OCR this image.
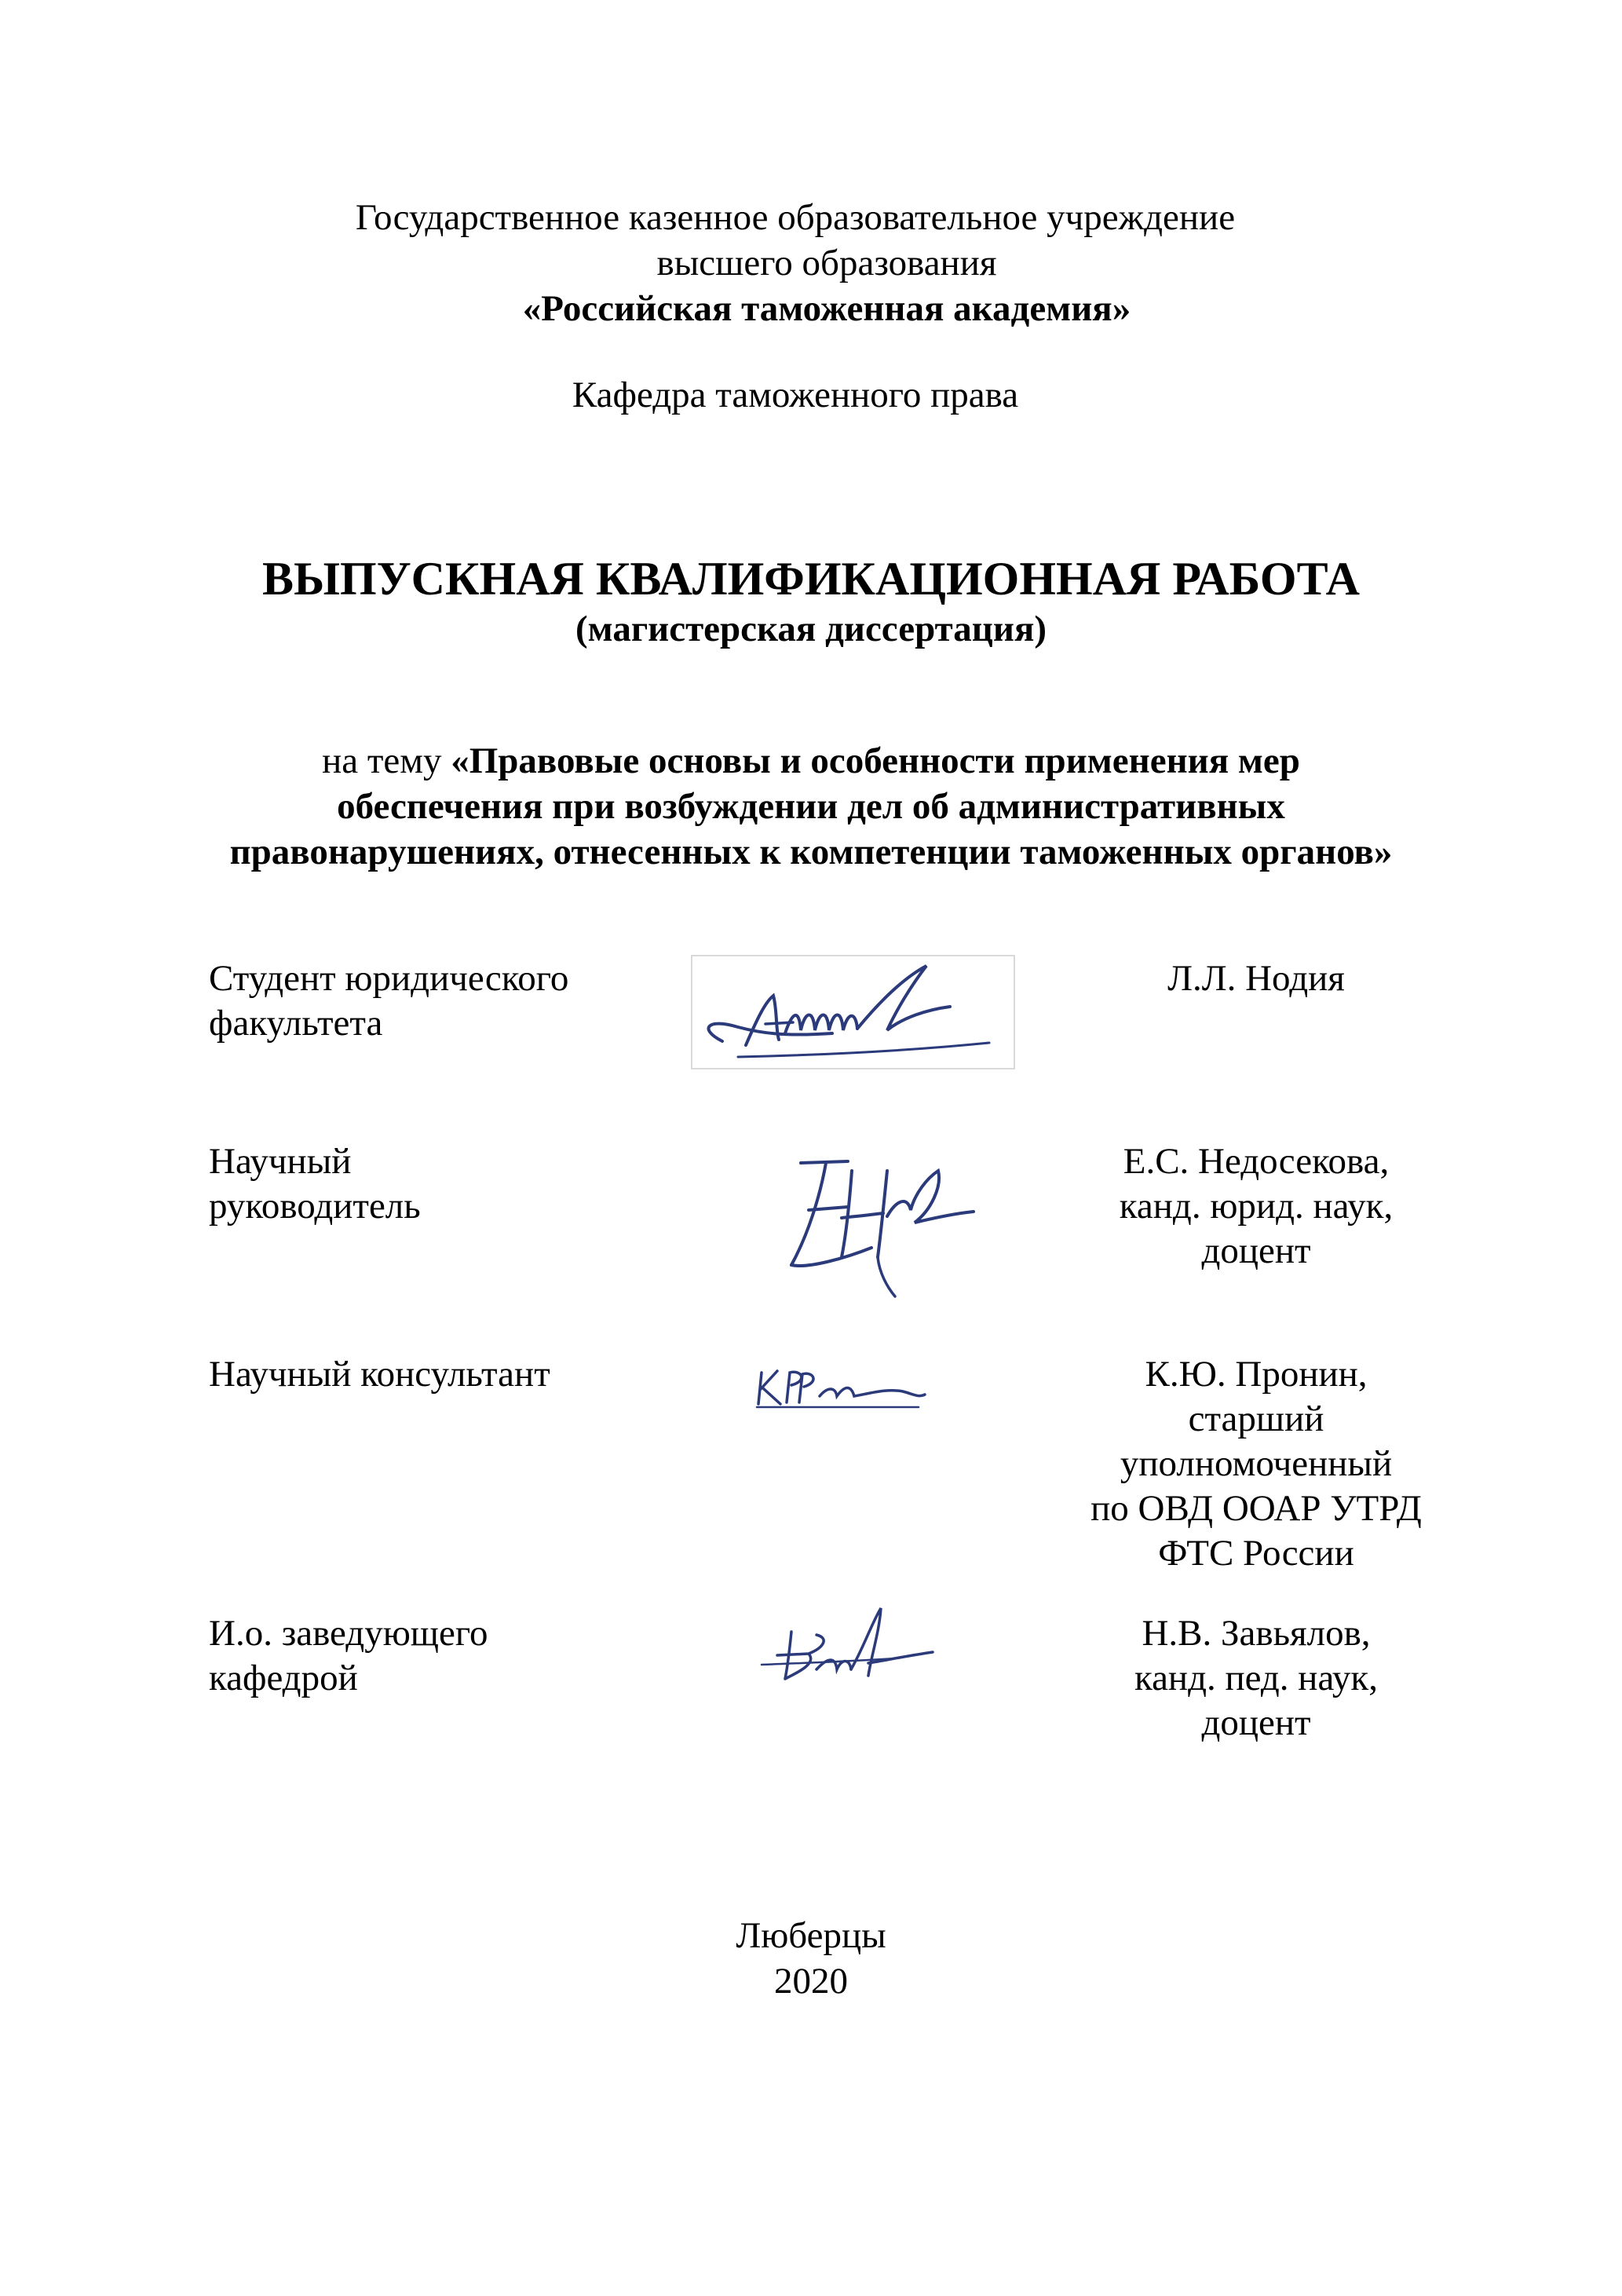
Государственное казенное образовательное учреждение
высшего образования
«Российская таможенная академия»
Кафедра таможенного права
ВЫПУСКНАЯ КВАЛИФИКАЦИОННАЯ РАБОТА
(магистерская диссертация)
на тему «Правовые основы и особенности применения мер
обеспечения при возбуждении дел об административных
правонарушениях, отнесенных к компетенции таможенных органов»
Студент юридического
факультета
Л.Л. Нодия
Научный
руководитель
Е.С. Недосекова,
канд. юрид. наук,
доцент
Научный консультант	К.Ю. Пронин,
старший
уполномоченный
по ОВД ООАР УТРД
ФТС России
И.о. заведующего
кафедрой
Н.В. Завьялов,
канд. пед. наук,
доцент
Люберцы
2020
